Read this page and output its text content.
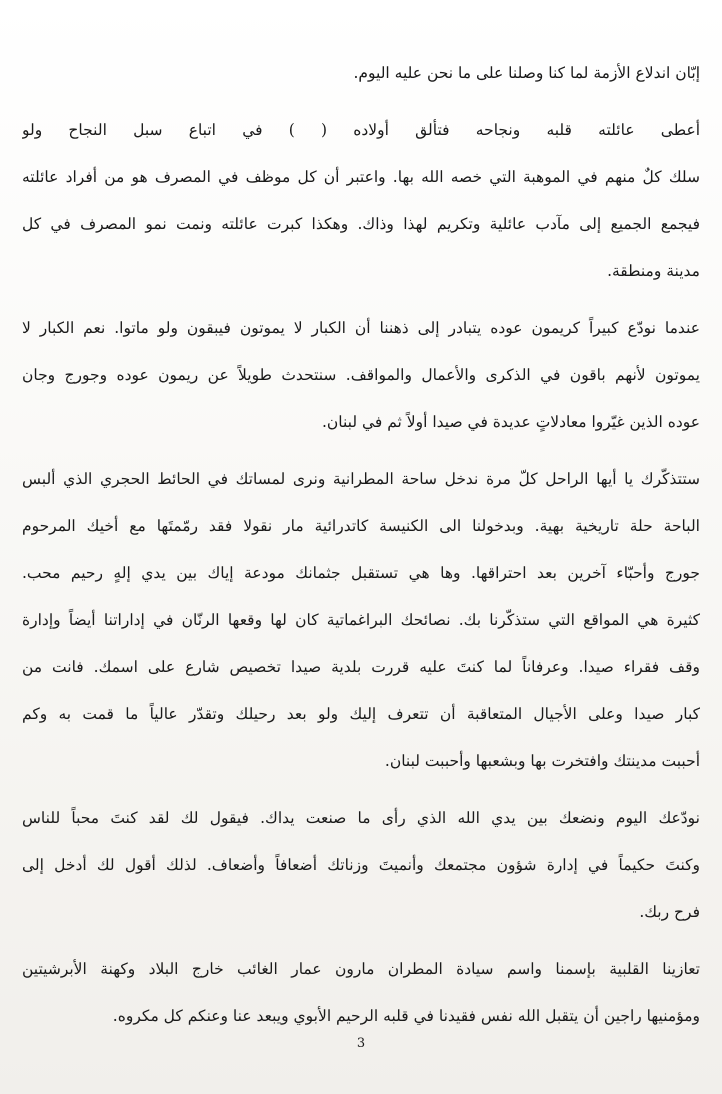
إبّان اندلاع الأزمة لما كنا وصلنا على ما نحن عليه اليوم.
أعطى عائلته قلبه ونجاحه فتألق أولاده ( ) في اتباع سبل النجاح ولو
سلك كلٌ منهم في الموهبة التي خصه الله بها. واعتبر أن كل موظف في المصرف هو من أفراد عائلته
فيجمع الجميع إلى مآدب عائلية وتكريم لهذا وذاك. وهكذا كبرت عائلته ونمت نمو المصرف في كل
مدينة ومنطقة.
عندما نودّع كبيراً كريمون عوده يتبادر إلى ذهننا أن الكبار لا يموتون فيبقون ولو ماتوا. نعم الكبار لا
يموتون لأنهم باقون في الذكرى والأعمال والمواقف. سنتحدث طويلاً عن ريمون عوده وجورج وجان
عوده الذين غيّروا معادلاتٍ عديدة في صيدا أولاً ثم في لبنان.
ستتذكّرك يا أيها الراحل كلّ مرة ندخل ساحة المطرانية ونرى لمساتك في الحائط الحجري الذي ألبس
الباحة حلة تاريخية بهية. وبدخولنا الى الكنيسة كاتدرائية مار نقولا فقد رمّمتَها مع أخيك المرحوم
جورج وأحبّاء آخرين بعد احتراقها. وها هي تستقبل جثمانك مودعة إياك بين يدي إلهٍ رحيم محب.
كثيرة هي المواقع التي ستذكّرنا بك. نصائحك البراغماتية كان لها وقعها الرنّان في إداراتنا أيضاً وإدارة
وقف فقراء صيدا. وعرفاناً لما كنتَ عليه قررت بلدية صيدا تخصيص شارع على اسمك. فانت من
كبار صيدا وعلى الأجيال المتعاقبة أن تتعرف إليك ولو بعد رحيلك وتقدّر عالياً ما قمت به وكم
أحببت مدينتك وافتخرت بها وبشعبها وأحببت لبنان.
نودّعك اليوم ونضعك بين يدي الله الذي رأى ما صنعت يداك. فيقول لك لقد كنتَ محباً للناس
وكنتَ حكيماً في إدارة شؤون مجتمعك وأنميتَ وزناتك أضعافاً وأضعاف. لذلك أقول لك أدخل إلى
فرح ربك.
تعازينا القلبية بإسمنا واسم سيادة المطران مارون عمار الغائب خارج البلاد وكهنة الأبرشيتين
ومؤمنيها راجين أن يتقبل الله نفس فقيدنا في قلبه الرحيم الأبوي ويبعد عنا وعنكم كل مكروه.
3
